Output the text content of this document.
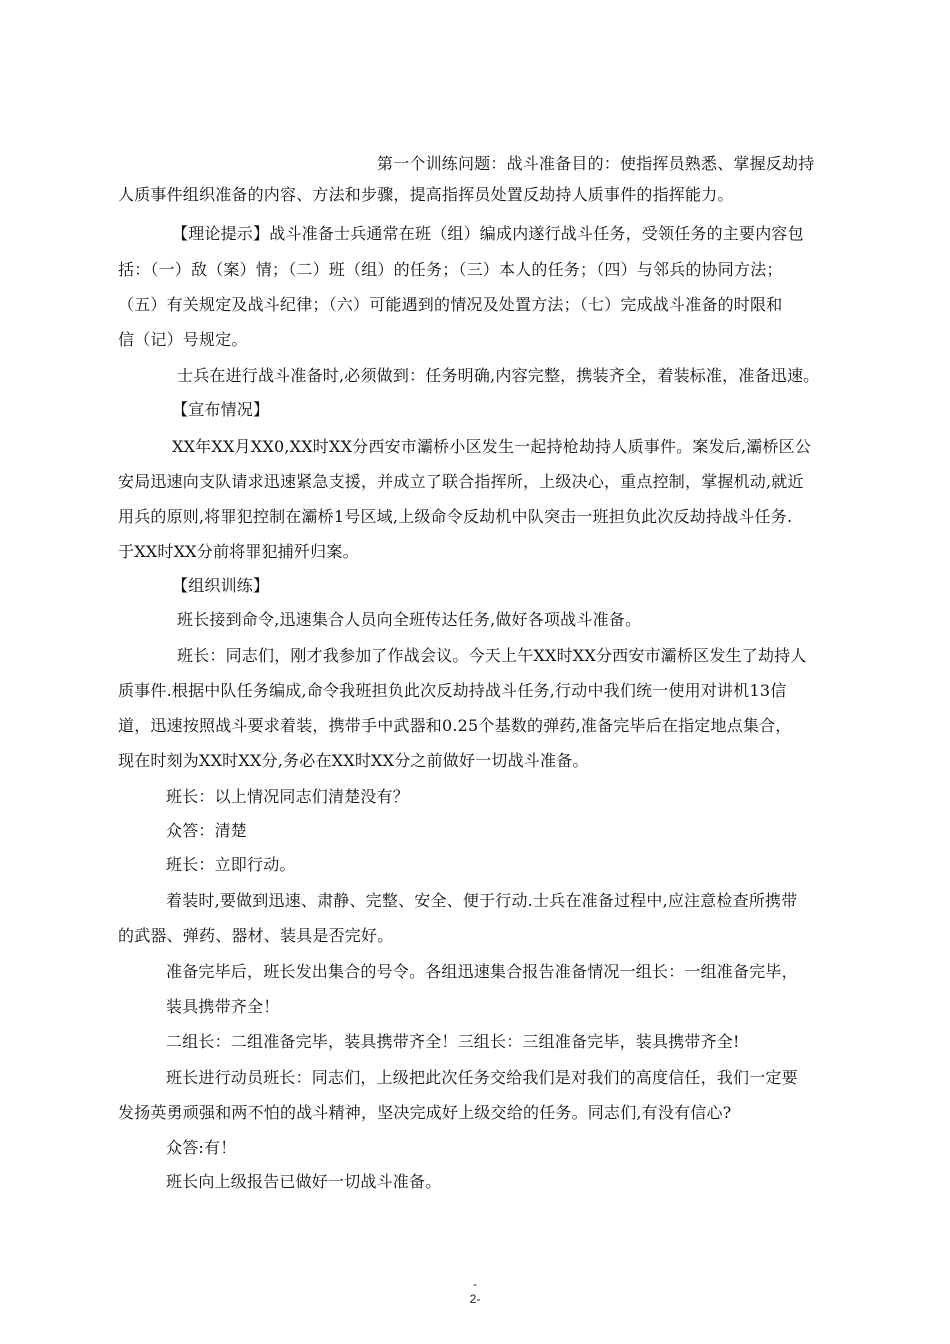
第一个训练问题：战斗准备目的：使指挥员熟悉、掌握反劫持
人质事件组织准备的内容、方法和步骤，提高指挥员处置反劫持人质事件的指挥能力。
【理论提示】战斗准备士兵通常在班（组）编成内遂行战斗任务，受领任务的主要内容包
括：（一）敌（案）情；（二）班（组）的任务；（三）本人的任务；（四）与邻兵的协同方法；
（五）有关规定及战斗纪律；（六）可能遇到的情况及处置方法；（七）完成战斗准备的时限和
信（记）号规定。
士兵在进行战斗准备时,必须做到：任务明确,内容完整，携装齐全，着装标准，准备迅速。
【宣布情况】
XX年XX月XX0,XX时XX分西安市灞桥小区发生一起持枪劫持人质事件。案发后,灞桥区公
安局迅速向支队请求迅速紧急支援，并成立了联合指挥所，上级决心，重点控制，掌握机动,就近
用兵的原则,将罪犯控制在灞桥1号区域,上级命令反劫机中队突击一班担负此次反劫持战斗任务.
于XX时XX分前将罪犯捕歼归案。
【组织训练】
班长接到命令,迅速集合人员向全班传达任务,做好各项战斗准备。
班长：同志们，刚才我参加了作战会议。今天上午XX时XX分西安市灞桥区发生了劫持人
质事件.根据中队任务编成,命令我班担负此次反劫持战斗任务,行动中我们统一使用对讲机13信
道，迅速按照战斗要求着装，携带手中武器和0.25个基数的弹药,准备完毕后在指定地点集合，
现在时刻为XX时XX分,务必在XX时XX分之前做好一切战斗准备。
班长：以上情况同志们清楚没有？
众答：清楚
班长：立即行动。
着装时,要做到迅速、肃静、完整、安全、便于行动.士兵在准备过程中,应注意检查所携带
的武器、弹药、器材、装具是否完好。
准备完毕后，班长发出集合的号令。各组迅速集合报告准备情况一组长：一组准备完毕，
装具携带齐全！
二组长：二组准备完毕，装具携带齐全！三组长：三组准备完毕，装具携带齐全!
班长进行动员班长：同志们，上级把此次任务交给我们是对我们的高度信任，我们一定要
发扬英勇顽强和两不怕的战斗精神，坚决完成好上级交给的任务。同志们,有没有信心?
众答:有！
班长向上级报告已做好一切战斗准备。
-
2-
